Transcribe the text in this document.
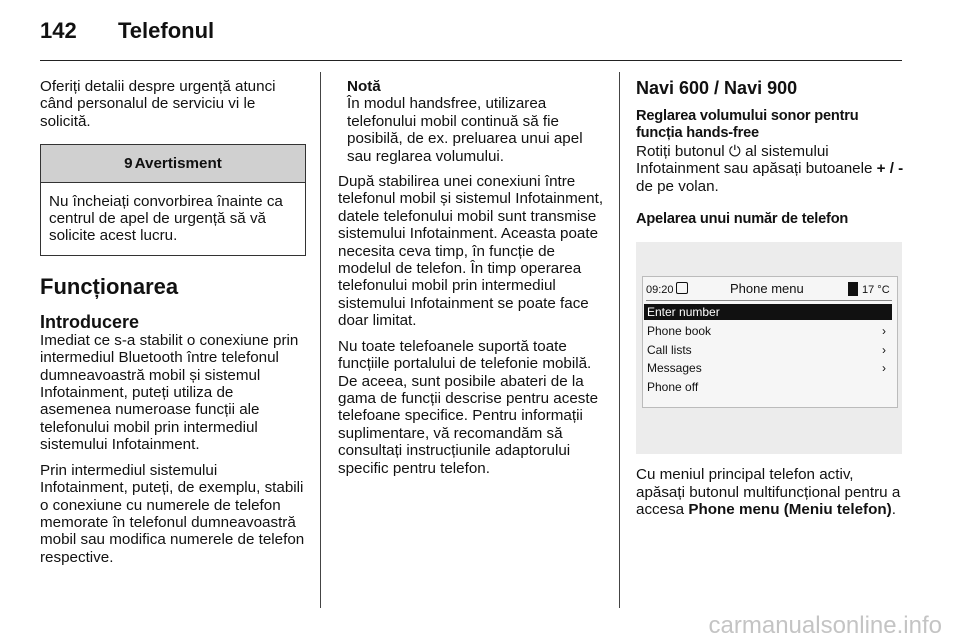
142 Telefonul

Oferiți detalii despre urgență atunci când personalul de serviciu vi le solicită.

9 Avertisment
Nu încheiați convorbirea înainte ca centrul de apel de urgență să vă solicite acest lucru.
Funcționarea
Introducere

Imediat ce s-a stabilit o conexiune prin intermediul Bluetooth între telefonul dumneavoastră mobil și sistemul Infotainment, puteți utiliza de asemenea numeroase funcții ale telefonului mobil prin intermediul sistemului Infotainment.

Prin intermediul sistemului Infotainment, puteți, de exemplu, stabili o conexiune cu numerele de telefon memorate în telefonul dumneavoastră mobil sau modifica numerele de telefon respective.

Notă
În modul handsfree, utilizarea telefonului mobil continuă să fie posibilă, de ex. preluarea unui apel sau reglarea volumului.

După stabilirea unei conexiuni între telefonul mobil și sistemul Infotainment, datele telefonului mobil sunt transmise sistemului Infotainment. Aceasta poate necesita ceva timp, în funcție de modelul de telefon. În timp operarea telefonului mobil prin intermediul sistemului Infotainment se poate face doar limitat.

Nu toate telefoanele suportă toate funcțiile portalului de telefonie mobilă. De aceea, sunt posibile abateri de la gama de funcții descrise pentru aceste telefoane specifice. Pentru informații suplimentare, vă recomandăm să consultați instrucțiunile adaptorului specific pentru telefon.

Navi 600 / Navi 900
Reglarea volumului sonor pentru funcția hands-free

Rotiți butonul ⏻ al sistemului Infotainment sau apăsați butoanele + / - de pe volan.

Apelarea unui număr de telefon
09:20	Phone menu	17 °C
Enter number
Phone book	›
Call lists	›
Messages	›
Phone off

Cu meniul principal telefon activ, apăsați butonul multifuncțional pentru a accesa Phone menu (Meniu telefon).

carmanualsonline.info
